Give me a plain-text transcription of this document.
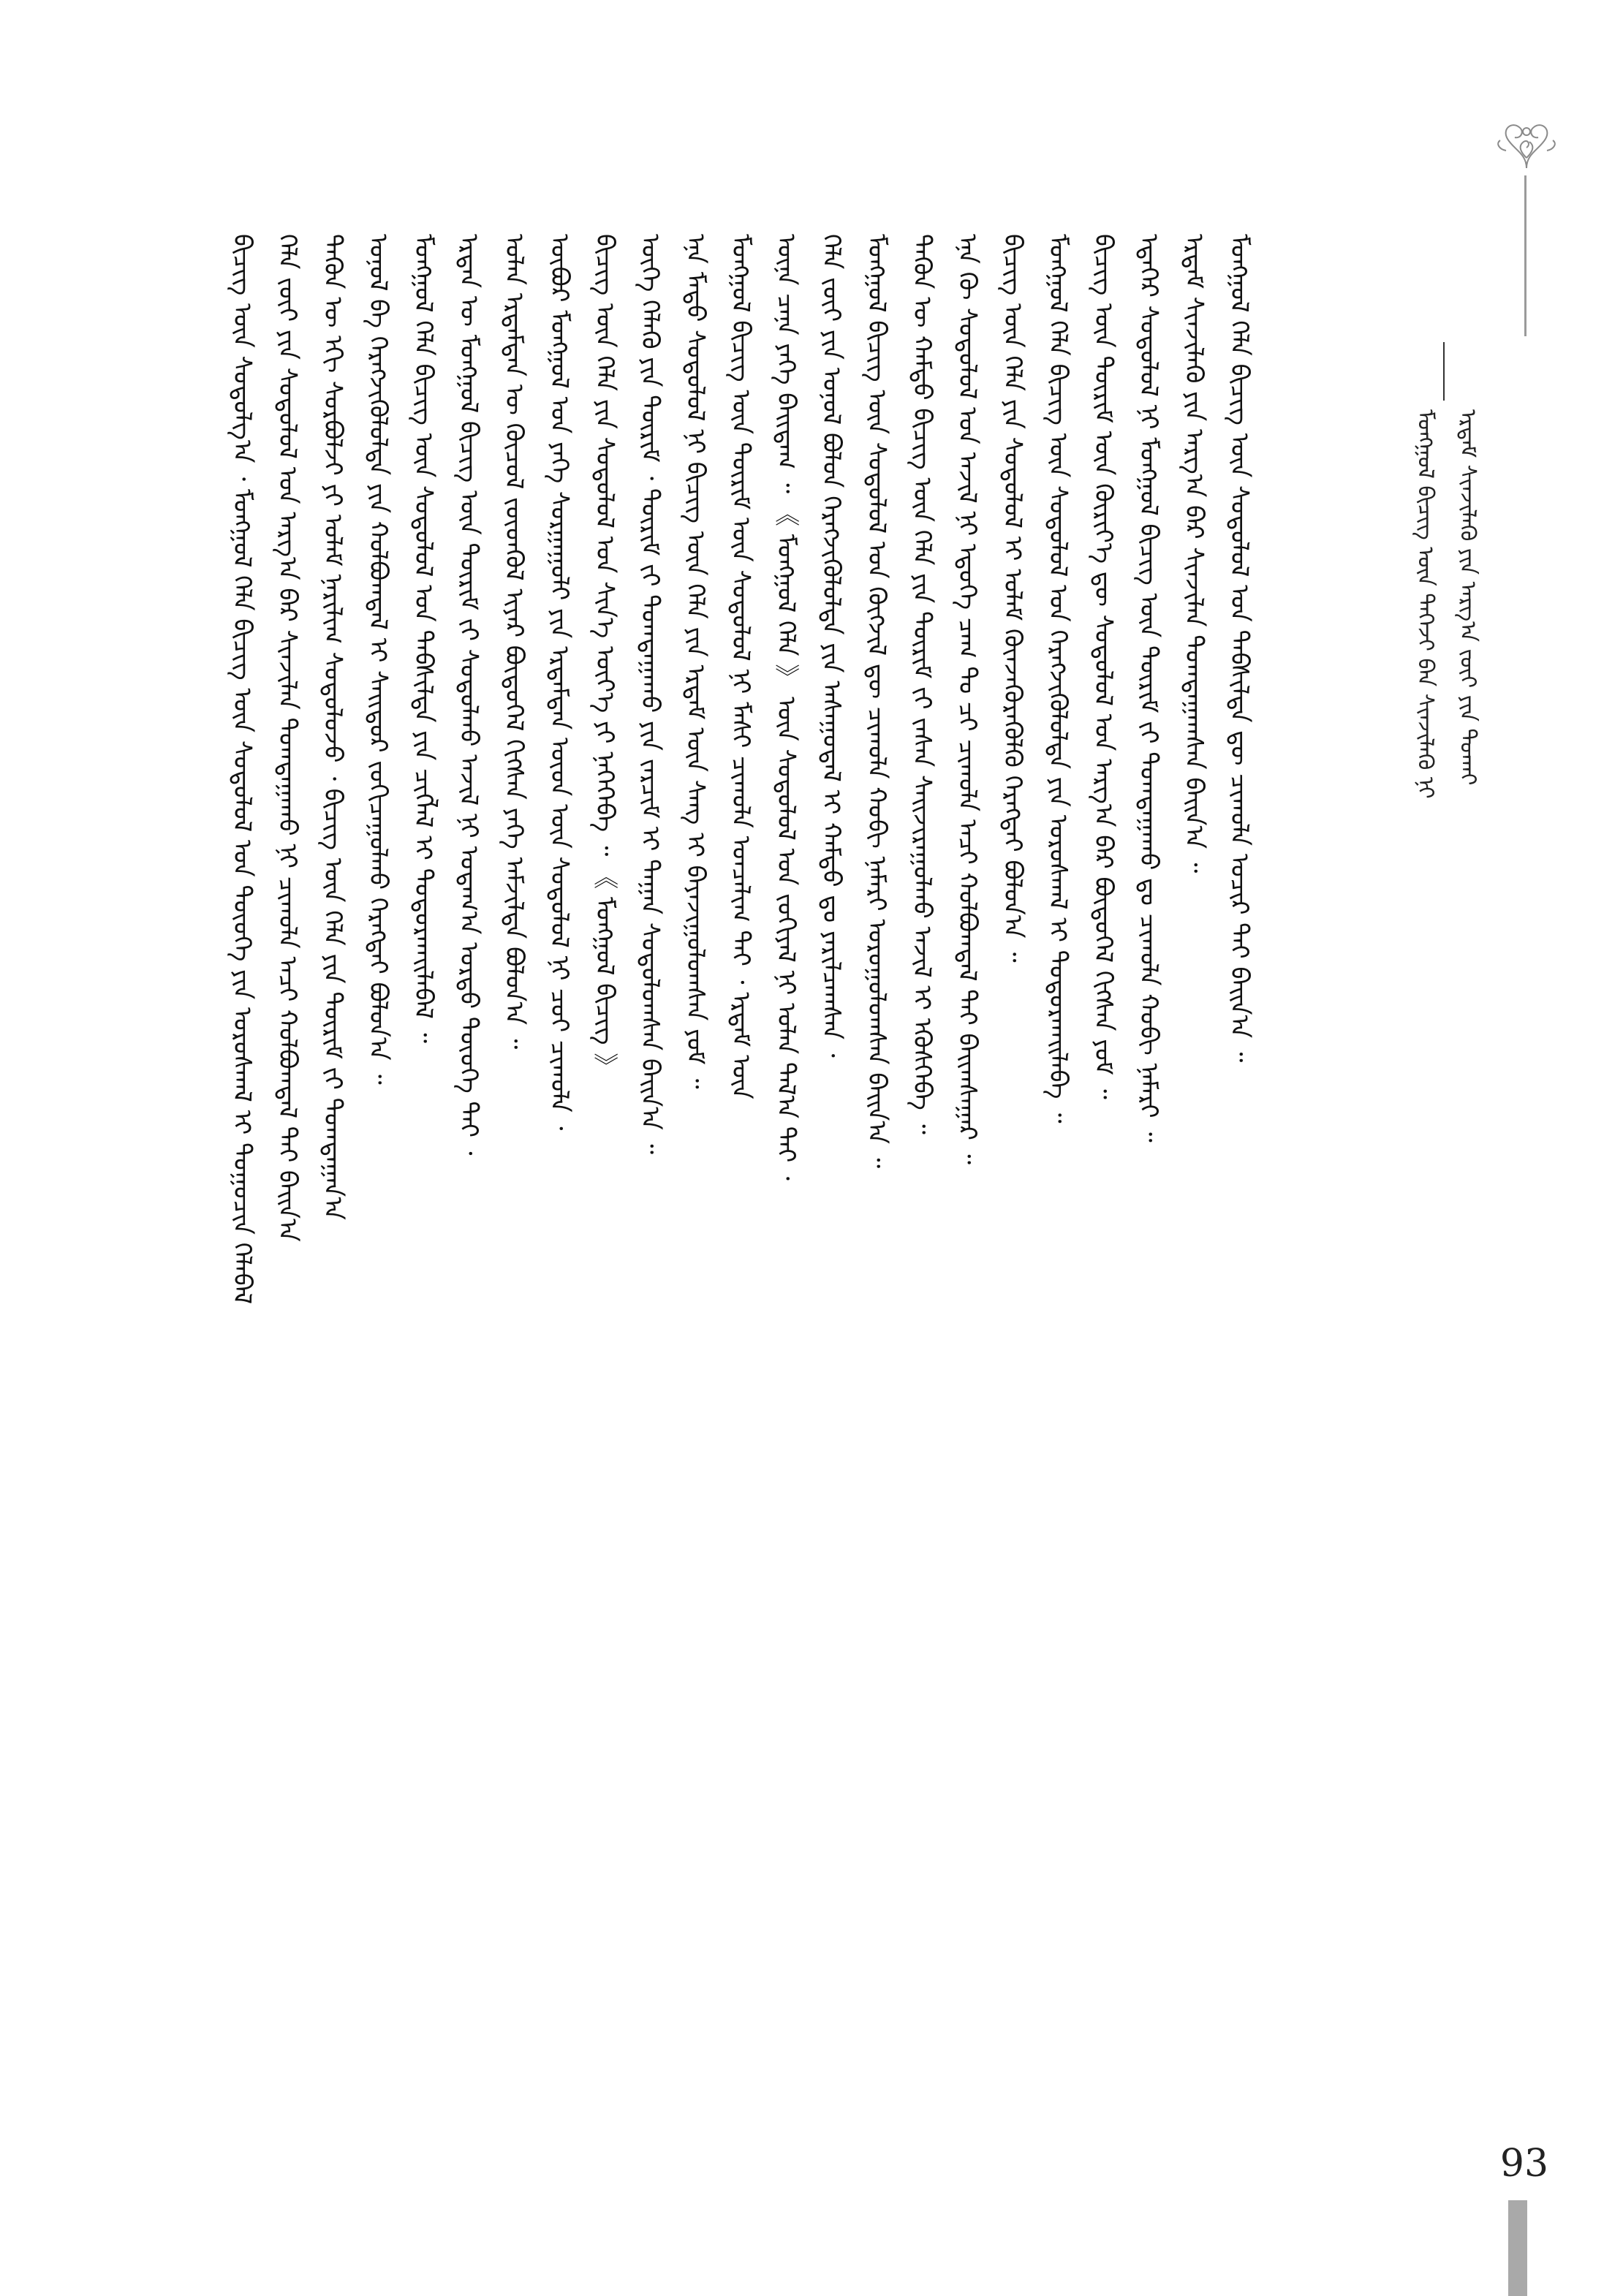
ᠮᠣᠩᠭᠣᠯ ᠪᠢᠴᠢᠭ᠌ ᠦᠨ ᠳᠡᠭᠡᠵᠢ ᠪᠠᠨ ᠰᠢᠨᠵᠢᠯᠡᠬᠦ ᠨᠢ ᠡᠷᠳᠡᠮ ᠰᠢᠨᠵᠢᠯᠡᠬᠦ ᠶᠢᠨ ᠠᠷᠭ᠎ᠠ ᠵᠦᠢ ᠶᠢᠨ ᠲᠤᠬᠠᠢ
ᠪᠢᠴᠢᠭ᠌ ᠦᠨ ᠰᠤᠳᠤᠯᠭ᠎ᠠ ᠂ ᠮᠣᠩᠭᠣᠯ ᠬᠡᠯᠡ ᠪᠢᠴᠢᠭ᠌ ᠦᠨ ᠰᠤᠳᠤᠯᠤᠯ ᠤᠨ ᠲᠦᠦᠬᠡ ᠶᠢᠨ ᠤᠷᠤᠰᠬᠠᠯ ᠢ ᠲᠣᠭᠣᠴᠢᠨ ᠬᠡᠯᠡᠪᠡᠯ ᠬᠡᠯᠡ ᠵᠦᠢ ᠶᠢᠨ ᠰᠤᠳᠤᠯᠤᠯ ᠤᠨ ᠠᠷᠭ᠎ᠠ ᠪᠠᠷ ᠰᠢᠨᠵᠢᠯᠡᠨ ᠲᠣᠭᠲᠠᠭᠠᠬᠤ ᠨᠢ ᠴᠢᠬᠤᠯᠠ ᠠᠴᠢ ᠬᠣᠯᠪᠣᠭᠳᠠᠯ ᠲᠠᠢ ᠪᠠᠢᠨ᠎ᠠ ᠲᠡᠭᠦᠨ ᠦ ᠡᠬᠢ ᠰᠤᠷᠪᠤᠯᠵᠢ ᠶᠢ ᠤᠯᠠᠮ ᠨᠠᠷᠢᠯᠢᠭ ᠰᠤᠳᠤᠯᠤᠵᠤ ᠂ ᠪᠢᠴᠢᠭ᠌ ᠦᠨ ᠬᠡᠯᠡ ᠶᠢᠨ ᠳᠦᠷᠢᠮ ᠵᠢ ᠲᠣᠭᠲᠠᠭᠠᠨ᠎ᠠ ᠣᠨᠣᠯ ᠪᠠ ᠬᠡᠷᠡᠭᠵᠢᠭᠦᠯᠦᠯᠲᠡ ᠶᠢᠨ ᠬᠣᠯᠪᠣᠭᠳᠠᠯ ᠢ ᠰᠠᠢᠲᠤᠷ ᠵᠣᠬᠢᠴᠠᠭᠤᠯᠬᠤ ᠬᠡᠷᠡᠭᠲᠡᠢ ᠪᠣᠯᠤᠨ᠎ᠠ ᠃ ᠮᠣᠩᠭᠣᠯ ᠬᠡᠯᠡ ᠪᠢᠴᠢᠭ᠌ ᠦᠨ ᠰᠤᠳᠤᠯᠤᠯ ᠤᠨ ᠳᠡᠪᠰᠢᠯᠲᠡ ᠶᠢᠨ ᠴᠢᠭᠯᠡᠯ ᠢ ᠲᠣᠳᠣᠷᠬᠠᠢᠯᠠᠪᠠᠯ ᠃ ᠡᠷᠲᠡᠨ ᠦ ᠮᠣᠩᠭᠣᠯ ᠪᠢᠴᠢᠭ᠌ ᠦᠨ ᠳᠦᠷᠢᠮ ᠵᠢ ᠰᠤᠳᠤᠯᠬᠤ ᠠᠵᠢᠯ ᠨᠢ ᠤᠳᠠᠭ᠎ᠠ ᠤᠷᠲᠤ ᠲᠦᠦᠬᠡ ᠲᠠᠢ ᠂ ᠣᠯᠠᠨ ᠡᠷᠳᠡᠮᠲᠡᠨ ᠦ ᠬᠦᠴᠦᠯ ᠵᠦᠳᠭᠦᠯ ᠢᠶᠡᠷ ᠪᠦᠲᠦᠭᠡᠯ ᠬᠢᠭᠰᠡᠨ ᠶᠡᠬᠡ ᠠᠮᠵᠢᠯᠲᠠ ᠪᠣᠯᠤᠨ᠎ᠠ ᠃ ᠦᠪᠦᠷ ᠮᠣᠩᠭᠣᠯ ᠤᠨ ᠶᠡᠬᠡ ᠰᠤᠷᠭᠠᠭᠤᠯᠢ ᠶᠢᠨ ᠡᠷᠳᠡᠮᠲᠡᠨ ᠦᠳ ᠦᠨ ᠰᠤᠳᠤᠯᠤᠯ ᠨᠢ ᠴᠤᠢ ᠴᠢᠬᠤᠯᠠ ᠂ ᠪᠢᠴᠢᠭ᠌ ᠦᠨ ᠬᠡᠯᠡ ᠶᠢᠨ ᠰᠤᠳᠤᠯᠤᠯ ᠤᠨ ᠰᠢᠨ᠎ᠡ ᠦᠶ᠎ᠡ ᠶᠢ ᠨᠡᠭᠡᠭᠡᠪᠡ ᠃ 《 ᠮᠣᠩᠭᠣᠯ ᠪᠢᠴᠢᠭ᠌ 》 ᠦᠭᠡ ᠬᠡᠯᠡᠬᠦ ᠶᠢᠨ ᠳᠦᠷᠢᠮ ᠂ ᠳᠦᠷᠢᠮ ᠵᠢ ᠲᠣᠭᠲᠠᠭᠠᠬᠤ ᠶᠢᠨ ᠵᠠᠷᠴᠢᠮ ᠢ ᠳᠠᠭᠠᠨ ᠰᠤᠳᠤᠯᠤᠭᠰᠠᠨ ᠪᠠᠢᠨ᠎ᠠ ᠃ ᠡᠨᠡ ᠮᠡᠲᠦ ᠰᠤᠳᠤᠯᠤᠯ ᠨᠢ ᠪᠢᠴᠢᠭ᠌ ᠦᠨ ᠬᠡᠯᠡ ᠶᠢᠨ ᠡᠷᠳᠡᠮ ᠦᠨ ᠰᠠᠩ ᠢ ᠪᠠᠶᠠᠵᠢᠭᠤᠯᠤᠭᠰᠠᠨ ᠶᠤᠮ ᠃ ᠮᠣᠩᠭᠣᠯ ᠪᠢᠴᠢᠭ᠌ ᠦᠨ ᠳᠦᠷᠢᠮ ᠦᠨ ᠰᠤᠳᠤᠯᠤᠯ ᠨᠢ ᠮᠠᠰᠢ ᠴᠢᠬᠤᠯᠠ ᠣᠨᠴᠠᠯᠢᠭ ᠲᠠᠢ ᠂ ᠡᠷᠳᠡᠮ ᠦᠨ ᠦᠨᠡ ᠴᠡᠨᠡ ᠶᠡᠬᠡ ᠪᠠᠢᠳᠠᠭ ᠃ 《 ᠮᠣᠩᠭᠣᠯ ᠬᠡᠯᠡ 》 ᠦᠨ ᠰᠤᠳᠤᠯᠤᠯ ᠤᠨ ᠵᠣᠬᠢᠶᠠᠯ ᠨᠢ ᠣᠯᠠᠨ ᠲᠠᠯ᠎ᠠ ᠲᠠᠢ ᠂ ᠬᠡᠯᠡ ᠵᠦᠢ ᠶᠢᠨ ᠣᠨᠣᠯ ᠪᠣᠯᠤᠨ ᠬᠡᠷᠡᠭᠵᠢᠭᠦᠯᠦᠯᠲᠡ ᠶᠢᠨ ᠠᠰᠠᠭᠤᠳᠠᠯ ᠢ ᠬᠠᠮᠲᠤ ᠳᠤ ᠶᠠᠷᠢᠯᠴᠠᠭᠰᠠᠨ ᠂ ᠮᠣᠩᠭᠣᠯ ᠪᠢᠴᠢᠭ᠌ ᠦᠨ ᠰᠤᠳᠤᠯᠤᠯ ᠤᠨ ᠬᠦᠭᠵᠢᠯ ᠳᠦ ᠴᠢᠬᠤᠯᠠ ᠬᠤᠪᠢ ᠨᠡᠮᠡᠷᠢ ᠣᠷᠣᠭᠤᠯᠤᠭᠰᠠᠨ ᠪᠠᠢᠨ᠎ᠠ ᠃ ᠲᠡᠭᠦᠨ ᠦ ᠬᠠᠮᠲᠤ ᠪᠢᠴᠢᠭ᠌ ᠦᠨ ᠬᠡᠯᠡ ᠶᠢᠨ ᠳᠦᠷᠢᠮ ᠵᠢ ᠵᠠᠰᠠᠨ ᠰᠠᠢᠵᠢᠷᠠᠭᠤᠯᠬᠤ ᠠᠵᠢᠯ ᠢ ᠡᠭᠦᠰᠭᠡᠪᠡ ᠃ ᠡᠨᠡ ᠬᠦ ᠰᠤᠳᠤᠯᠤᠯ ᠤᠨ ᠠᠵᠢᠯ ᠨᠢ ᠡᠳᠦᠭᠡ ᠴᠠᠭ ᠲᠤ ᠴᠢ ᠴᠢᠬᠤᠯᠠ ᠠᠴᠢ ᠬᠣᠯᠪᠣᠭᠳᠠᠯ ᠲᠠᠢ ᠪᠠᠢᠭᠰᠠᠭᠠᠷ ᠃ ᠪᠢᠴᠢᠭ᠌ ᠦᠨ ᠬᠡᠯᠡ ᠶᠢᠨ ᠰᠤᠳᠤᠯᠤᠯ ᠢ ᠤᠯᠠᠮ ᠭᠦᠨᠵᠡᠭᠦᠷᠡᠭᠦᠯᠬᠦ ᠬᠡᠷᠡᠭᠲᠡᠢ ᠪᠣᠯᠤᠨ᠎ᠠ ᠃ ᠮᠣᠩᠭᠣᠯ ᠬᠡᠯᠡ ᠪᠢᠴᠢᠭ᠌ ᠦᠨ ᠰᠤᠳᠤᠯᠤᠯ ᠤᠨ ᠬᠡᠷᠡᠭᠵᠢᠭᠦᠯᠦᠯᠲᠡ ᠶᠢᠨ ᠤᠷᠤᠰᠬᠠᠯ ᠢ ᠲᠣᠳᠣᠷᠬᠠᠢᠯᠠᠪᠠ ᠃ ᠪᠢᠴᠢᠭ᠌ ᠦᠨ ᠳᠦᠷᠢᠮ ᠦᠨ ᠬᠦᠷᠢᠶ᠎ᠡ ᠳᠦ ᠰᠤᠳᠤᠯᠤᠯ ᠤᠨ ᠠᠷᠭ᠎ᠠ ᠪᠠᠷ ᠪᠦᠲᠦᠭᠡᠯ ᠬᠢᠭᠰᠡᠨ ᠶᠤᠮ ᠃ ᠡᠳᠡᠭᠡᠷ ᠰᠤᠳᠤᠯᠤᠯ ᠨᠢ ᠮᠣᠩᠭᠣᠯ ᠪᠢᠴᠢᠭ᠌ ᠦᠨ ᠳᠦᠷᠢᠮ ᠵᠢ ᠲᠣᠭᠲᠠᠭᠠᠬᠤ ᠳᠤ ᠴᠢᠬᠤᠯᠠ ᠬᠤᠪᠢ ᠨᠡᠮᠡᠷᠢ ᠃ ᠡᠷᠳᠡᠮ ᠰᠢᠨᠵᠢᠯᠡᠬᠦ ᠶᠢᠨ ᠠᠷᠭ᠎ᠠ ᠪᠠᠷ ᠰᠢᠨᠵᠢᠯᠡᠨ ᠲᠣᠭᠲᠠᠭᠠᠭᠰᠠᠨ ᠪᠠᠢᠨ᠎ᠠ ᠃ ᠮᠣᠩᠭᠣᠯ ᠬᠡᠯᠡ ᠪᠢᠴᠢᠭ᠌ ᠦᠨ ᠰᠤᠳᠤᠯᠤᠯ ᠤᠨ ᠳᠡᠪᠰᠢᠯᠲᠡ ᠳᠦ ᠴᠢᠬᠤᠯᠠ ᠤᠴᠢᠷ ᠲᠠᠢ ᠪᠠᠢᠨ᠎ᠠ ᠃
93
